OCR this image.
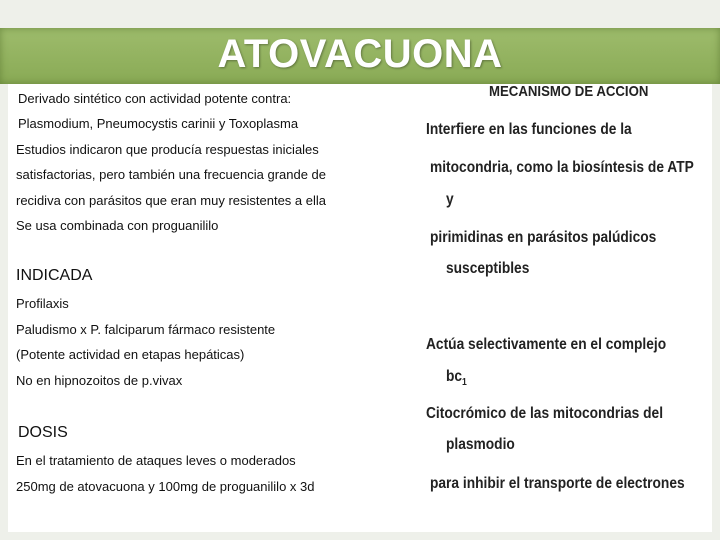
ATOVACUONA
Derivado sintético con actividad potente contra:
Plasmodium, Pneumocystis carinii y Toxoplasma
Estudios indicaron que producía respuestas iniciales
satisfactorias, pero también una frecuencia grande de
recidiva con parásitos que eran muy resistentes a ella
Se usa combinada con proguanililo
INDICADA
Profilaxis
Paludismo x P. falciparum fármaco resistente
(Potente actividad en etapas hepáticas)
No en hipnozoitos de p.vivax
DOSIS
En el tratamiento de ataques leves o moderados
250mg de atovacuona y 100mg de proguanililo x 3d
MECANISMO DE ACCION
Interfiere en las funciones de la
mitocondria, como la biosíntesis de ATP
y
pirimidinas en parásitos palúdicos
susceptibles
Actúa selectivamente en el complejo
$bc_1$
Citocrómico de las mitocondrias del
plasmodio
para inhibir el transporte de electrones
